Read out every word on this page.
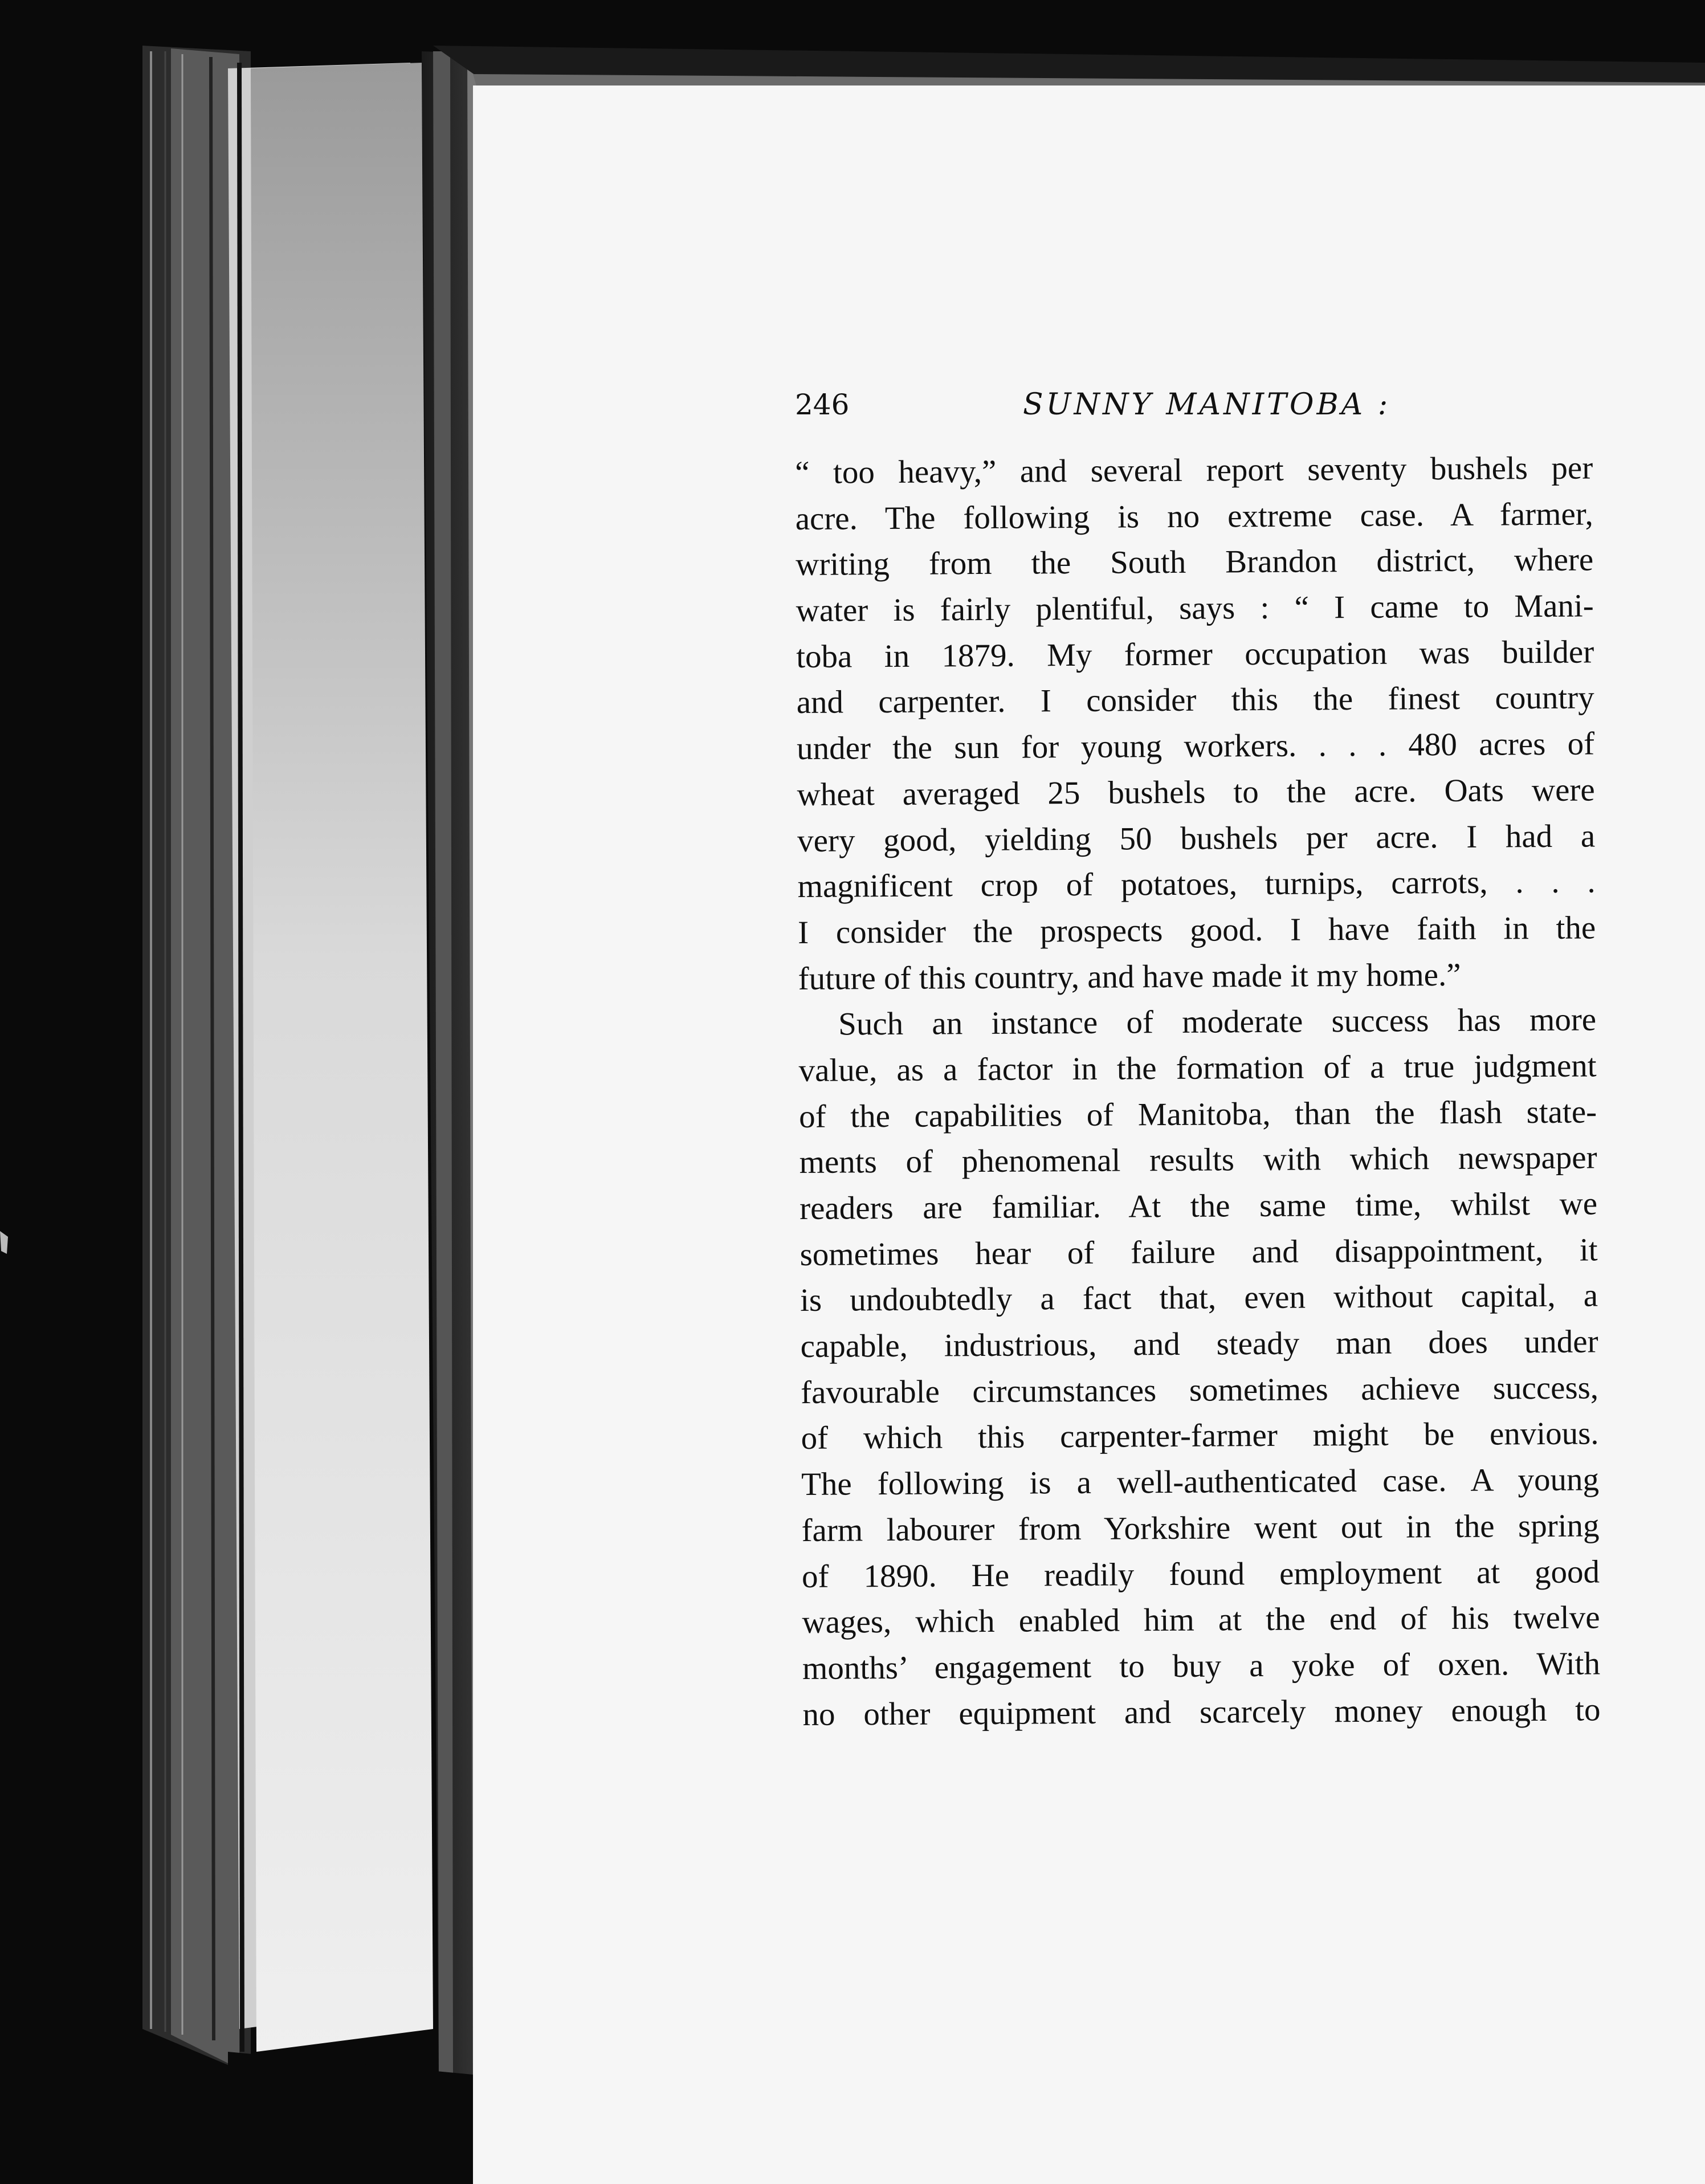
246	SUNNY MANITOBA :
“ too heavy,” and several report seventy bushels per
acre. The following is no extreme case. A farmer,
writing from the South Brandon district, where
water is fairly plentiful, says : “ I came to Mani-
toba in 1879. My former occupation was builder
and carpenter. I consider this the finest country
under the sun for young workers. . . . 480 acres of
wheat averaged 25 bushels to the acre. Oats were
very good, yielding 50 bushels per acre. I had a
magnificent crop of potatoes, turnips, carrots, . . .
I consider the prospects good. I have faith in the
future of this country, and have made it my home.”
Such an instance of moderate success has more
value, as a factor in the formation of a true judgment
of the capabilities of Manitoba, than the flash state-
ments of phenomenal results with which newspaper
readers are familiar. At the same time, whilst we
sometimes hear of failure and disappointment, it
is undoubtedly a fact that, even without capital, a
capable, industrious, and steady man does under
favourable circumstances sometimes achieve success,
of which this carpenter-farmer might be envious.
The following is a well-authenticated case. A young
farm labourer from Yorkshire went out in the spring
of 1890. He readily found employment at good
wages, which enabled him at the end of his twelve
months’ engagement to buy a yoke of oxen. With
no other equipment and scarcely money enough to
